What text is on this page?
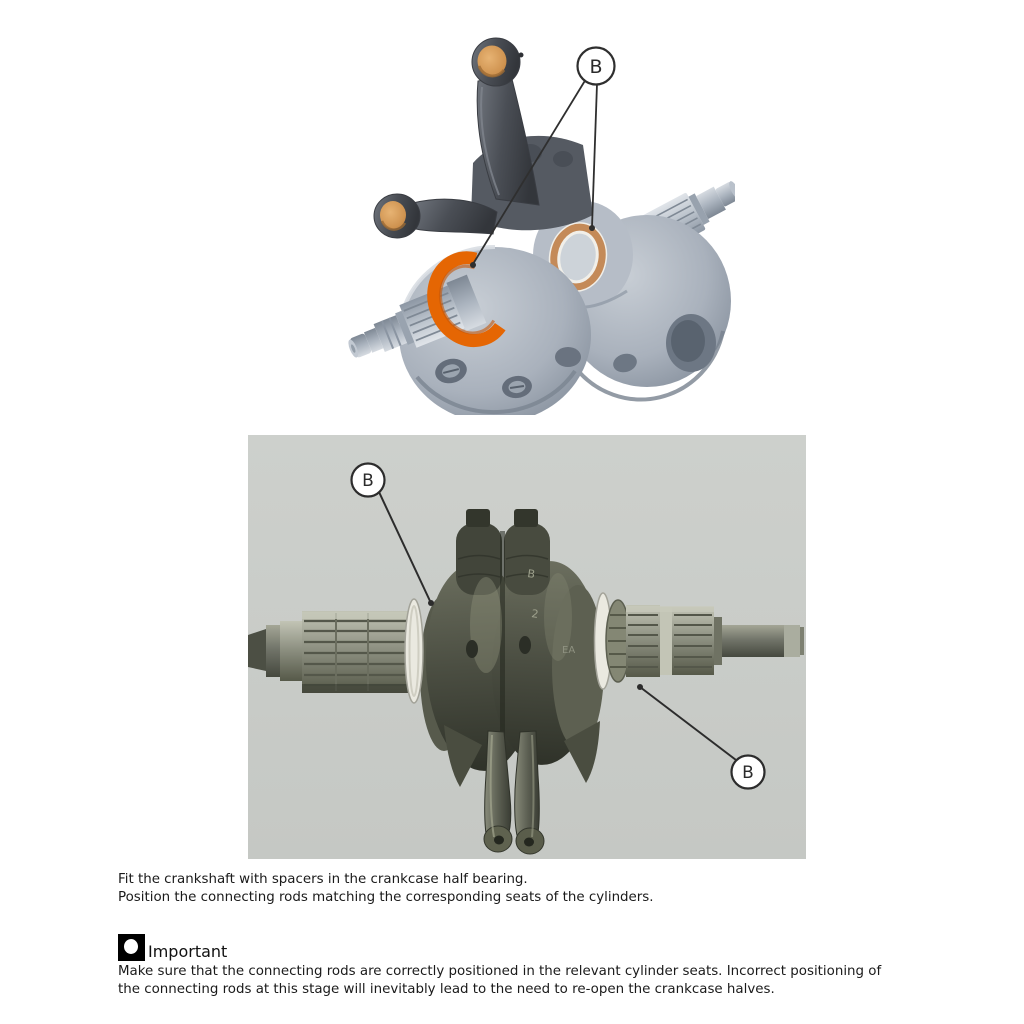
B
B
2
EA
B
B
Fit the crankshaft with spacers in the crankcase half bearing.
Position the connecting rods matching the corresponding seats of the cylinders.
Important
Make sure that the connecting rods are correctly positioned in the relevant cylinder seats. Incorrect positioning of
the connecting rods at this stage will inevitably lead to the need to re-open the crankcase halves.
